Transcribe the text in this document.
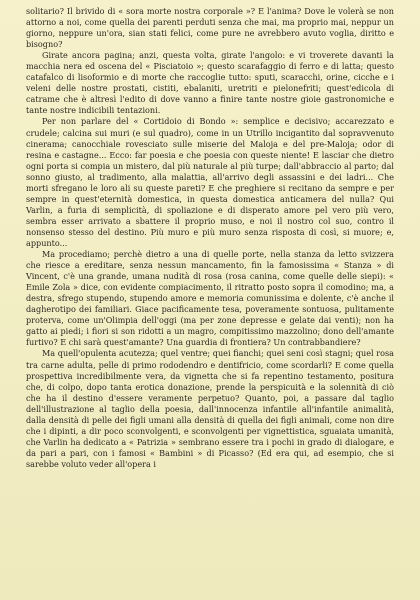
solitario? Il brivido di « sora morte nostra corporale »? E l'anima? Dove le volerà se non attorno a noi, come quella dei parenti perduti senza che mai, ma proprio mai, neppur un giorno, neppure un'ora, sian stati felici, come pure ne avrebbero avuto voglia, diritto e bisogno?

Girate ancora pagina; anzi, questa volta, girate l'angolo: e vi troverete davanti la macchia nera ed oscena del « Pisciatoio »; questo scarafaggio di ferro e di latta; questo catafalco di lisoformio e di morte che raccoglie tutto: sputi, scaracchi, orine, cicche e i veleni delle nostre prostati, cistiti, ebalaniti, uretriti e pielonefriti; quest'edicola di catrame che è altresì l'edito di dove vanno a finire tante nostre gioie gastronomiche e tante nostre indicibili tentazioni.

Per non parlare del « Cortidoio di Bondo »: semplice e decisivo; accarezzato e crudele; calcina sui muri (e sul quadro), come in un Utrillo incigantito dal sopravvenuto cinerama; canocchiale rovesciato sulle miserie del Maloja e del pre-Maloja; odor di resina e castagne... Ecco: far poesia e che poesia con queste niente! E lasciar che dietro ogni porta si compia un mistero, dal più naturale al più turpe; dall'abbraccio al parto; dal sonno giusto, al tradimento, alla malattia, all'arrivo degli assassini e dei ladri... Che morti sfregano le loro ali su queste pareti? E che preghiere si recitano da sempre e per sempre in quest'eternità domestica, in questa domestica anticamera del nulla? Qui Varlin, a furia di semplicità, di spoliazione e di disperato amore pel vero più vero, sembra esser arrivato a sbattere il proprio muso, e noi il nostro col suo, contro il nonsenso stesso del destino. Più muro e più muro senza risposta di così, si muore; e, appunto...

Ma procediamo; perchè dietro a una di quelle porte, nella stanza da letto svizzera che riesce a ereditare, senza nessun mancamento, fin la famosissima « Stanza » di Vincent, c'è una grande, umana nudità di rosa (rosa canina, come quelle delle siepi): « Emile Zola » dice, con evidente compiacimento, il ritratto posto sopra il comodino; ma, a destra, sfrego stupendo, stupendo amore e memoria comunissima e dolente, c'è anche il dagherotipo dei familiari. Giace pacificamente tesa, poveramente sontuosa, pulitamente proterva, come un'Olimpia dell'oggi (ma per zone depresse e gelate dai venti); non ha gatto ai piedi; i fiori si son ridotti a un magro, compitissimo mazzolino; dono dell'amante furtivo? E chi sarà quest'amante? Una guardia di frontiera? Un contrabbandiere?

Ma quell'opulenta acutezza; quel ventre; quei fianchi; quei seni così stagni; quel rosa tra carne adulta, pelle di primo rododendro e dentifricio, come scordarli? E come quella prospettiva incredibilmente vera, da vignetta che si fa repentino testamento, positura che, di colpo, dopo tanta erotica donazione, prende la perspicuità e la solennità di ciò che ha il destino d'essere veramente perpetuo? Quanto, poi, a passare dal taglio dell'illustrazione al taglio della poesia, dall'innocenza infantile all'infantile animalità, dalla densità di pelle dei figli umani alla densità di quella dei figli animali, come non dire che i dipinti, a dir poco sconvolgenti, e sconvolgenti per vignettistica, sguaiata umanità, che Varlin ha dedicato a « Patrizia » sembrano essere tra i pochi in grado di dialogare, e da pari a pari, con i famosi « Bambini » di Picasso? (Ed era qui, ad esempio, che si sarebbe voluto veder all'opera i
